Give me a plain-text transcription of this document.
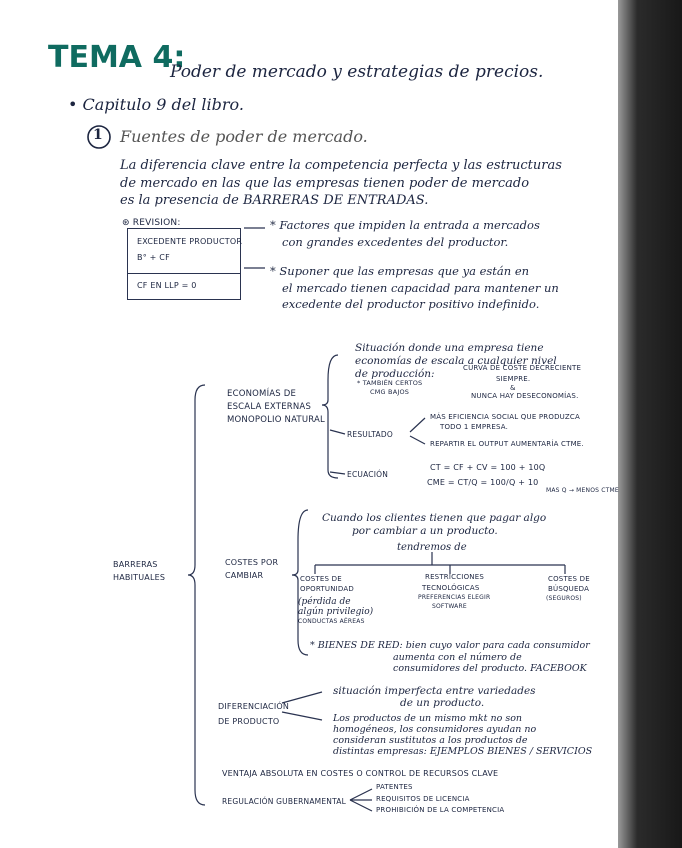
TEMA 4:
Poder de mercado y estrategias de precios.
• Capitulo 9 del libro.
1 Fuentes de poder de mercado.
La diferencia clave entre la competencia perfecta y las estructuras
de mercado en las que las empresas tienen poder de mercado
es la presencia de BARRERAS DE ENTRADAS.
⊛ REVISION:
EXCEDENTE PRODUCTOR
B° + CF
CF EN LLP = 0
* Factores que impiden la entrada a mercados
con grandes excedentes del productor.
* Suponer que las empresas que ya están en
el mercado tienen capacidad para mantener un
excedente del productor positivo indefinido.
ECONOMÍAS DE
ESCALA EXTERNAS
MONOPOLIO NATURAL
Situación donde una empresa tiene
economías de escala a cualquier nivel
de producción:	CURVA DE COSTE DECRECIENTE
SIEMPRE.
&
NUNCA HAY DESECONOMÍAS.
* TAMBIÉN CERTOS
CMG BAJOS
RESULTADO
MÁS EFICIENCIA SOCIAL QUE PRODUZCA
TODO 1 EMPRESA.
REPARTIR EL OUTPUT AUMENTARÍA CTME.
ECUACIÓN
CT = CF + CV = 100 + 10Q
CME = CT/Q = 100/Q + 10
MAS Q → MENOS CTME
BARRERAS
HABITUALES
COSTES POR
CAMBIAR
Cuando los clientes tienen que pagar algo
por cambiar a un producto.
tendremos de
COSTES DE
OPORTUNIDAD
(pérdida de
algún privilegio)
CONDUCTAS AÉREAS
RESTRICCIONES
TECNOLÓGICAS
PREFERENCIAS ELEGIR
SOFTWARE
COSTES DE
BÚSQUEDA
(SEGUROS)
* BIENES DE RED: bien cuyo valor para cada consumidor
aumenta con el número de
consumidores del producto. FACEBOOK
DIFERENCIACIÓN
DE PRODUCTO
situación imperfecta entre variedades
de un producto.
Los productos de un mismo mkt no son
homogéneos, los consumidores ayudan no
consideran sustitutos a los productos de
distintas empresas: EJEMPLOS BIENES / SERVICIOS
VENTAJA ABSOLUTA EN COSTES O CONTROL DE RECURSOS CLAVE
REGULACIÓN GUBERNAMENTAL
PATENTES
REQUISITOS DE LICENCIA
PROHIBICIÓN DE LA COMPETENCIA
